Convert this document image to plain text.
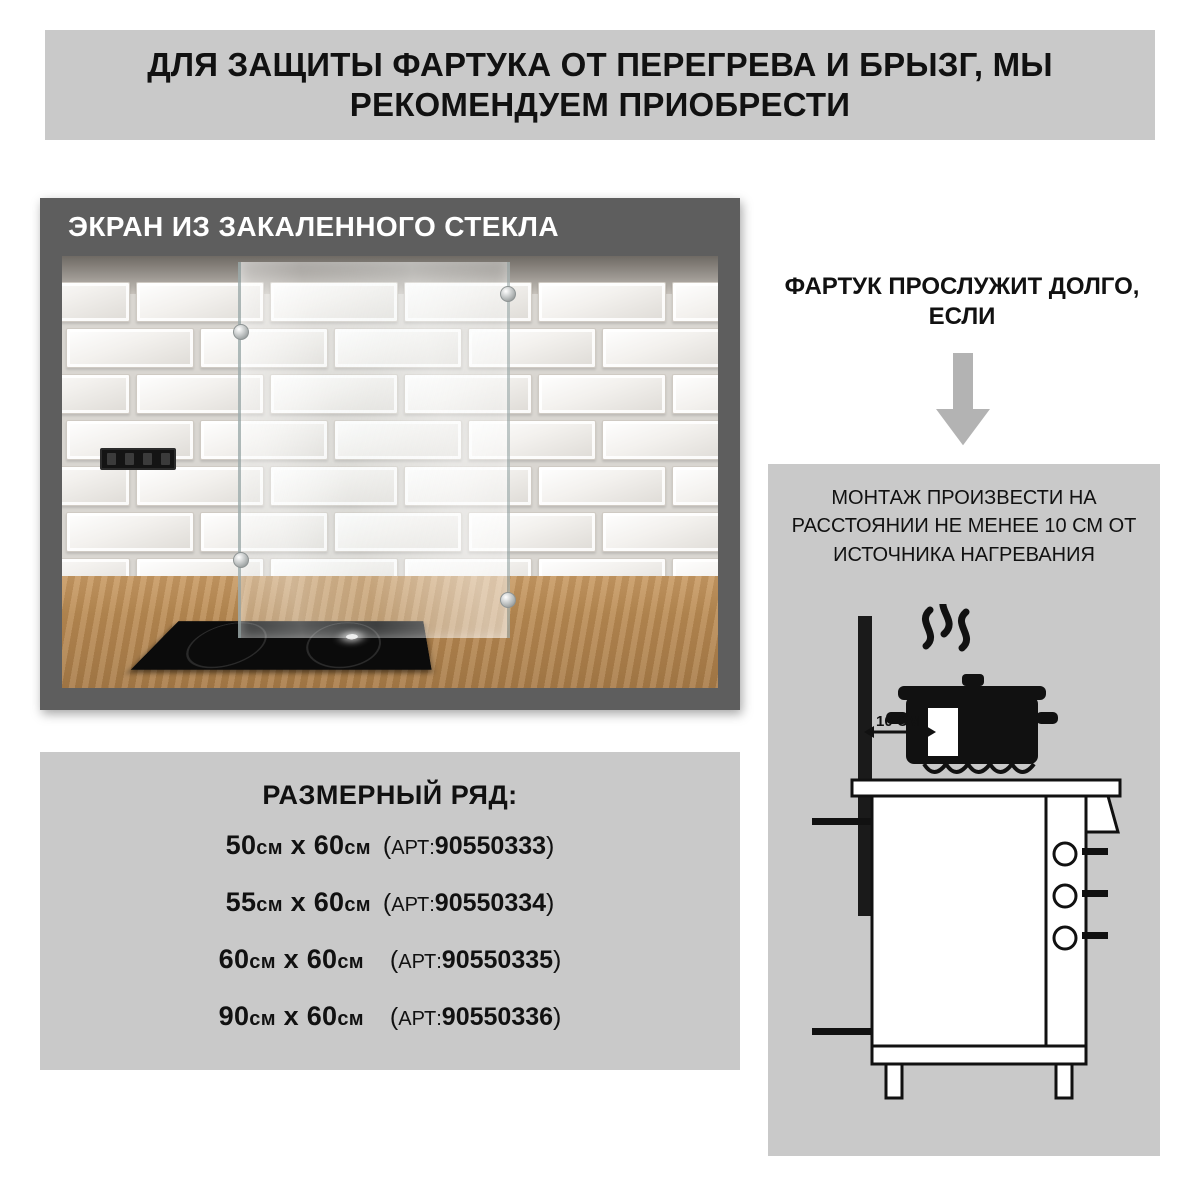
ДЛЯ ЗАЩИТЫ ФАРТУКА ОТ ПЕРЕГРЕВА И БРЫЗГ, МЫ РЕКОМЕНДУЕМ ПРИОБРЕСТИ
ЭКРАН ИЗ ЗАКАЛЕННОГО СТЕКЛА
ФАРТУК ПРОСЛУЖИТ ДОЛГО, ЕСЛИ
МОНТАЖ ПРОИЗВЕСТИ НА РАССТОЯНИИ НЕ МЕНЕЕ 10 СМ ОТ ИСТОЧНИКА НАГРЕВАНИЯ
10 СМ
РАЗМЕРНЫЙ РЯД:
50см x 60см (АРТ:90550333)
55см x 60см (АРТ:90550334)
60см x 60см (АРТ:90550335)
90см x 60см (АРТ:90550336)
